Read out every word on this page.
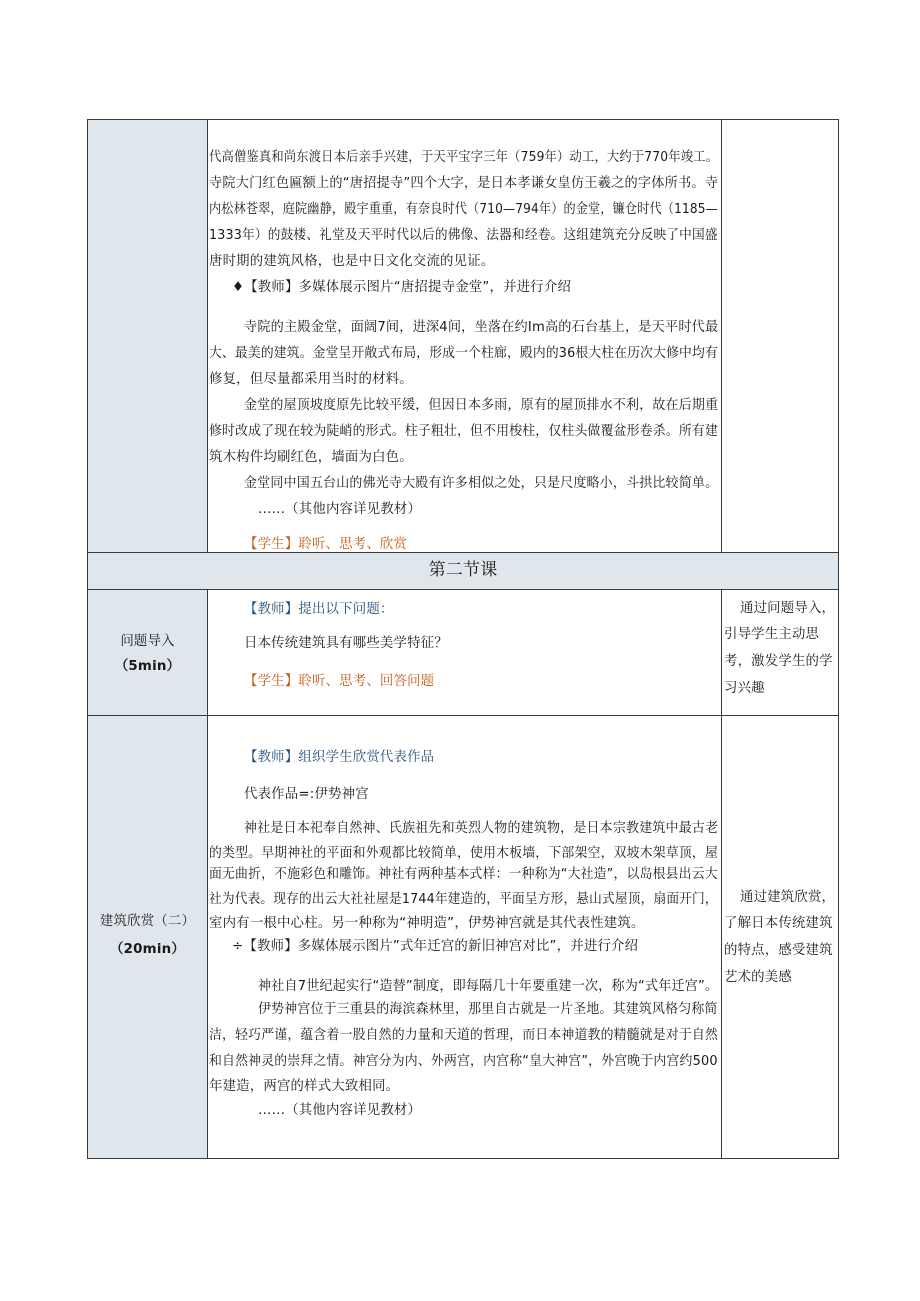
代高僧鉴真和尚东渡日本后亲手兴建，于天平宝字三年（759年）动工，大约于770年竣工。
寺院大门红色匾额上的“唐招提寺”四个大字，是日本孝谦女皇仿王羲之的字体所书。寺
内松林苍翠，庭院幽静，殿宇重重，有奈良时代（710—794年）的金堂，镰仓时代（1185—
1333年）的鼓楼、礼堂及天平时代以后的佛像、法器和经卷。这组建筑充分反映了中国盛
唐时期的建筑风格，也是中日文化交流的见证。
♦【教师】多媒体展示图片“唐招提寺金堂”，并进行介绍
寺院的主殿金堂，面阔7间，进深4间，坐落在约Im高的石台基上，是天平时代最
大、最美的建筑。金堂呈开敞式布局，形成一个柱廊，殿内的36根大柱在历次大修中均有
修复，但尽量都采用当时的材料。
金堂的屋顶坡度原先比较平缓，但因日本多雨，原有的屋顶排水不利，故在后期重
修时改成了现在较为陡峭的形式。柱子粗壮，但不用梭柱，仅柱头做覆盆形卷杀。所有建
筑木构件均刷红色，墙面为白色。
金堂同中国五台山的佛光寺大殿有许多相似之处，只是尺度略小，斗拱比较简单。
……（其他内容详见教材）
【学生】聆听、思考、欣赏
第二节课
问题导入
（5min）
【教师】提出以下问题：
日本传统建筑具有哪些美学特征？
【学生】聆听、思考、回答问题
通过问题导入，
引导学生主动思
考，激发学生的学
习兴趣
建筑欣赏（二）
（20min）
【教师】组织学生欣赏代表作品
代表作品=:伊势神宫
神社是日本祀奉自然神、氏族祖先和英烈人物的建筑物，是日本宗教建筑中最古老
的类型。早期神社的平面和外观都比较简单，使用木板墙，下部架空，双坡木架草顶，屋
面无曲折，不施彩色和雕饰。神社有两种基本式样：一种称为“大社造”，以岛根县出云大
社为代表。现存的出云大社社屋是1744年建造的，平面呈方形，悬山式屋顶，扇面开门，
室内有一根中心柱。另一种称为“神明造”，伊势神宫就是其代表性建筑。
÷【教师】多媒体展示图片”式年迁宫的新旧神宫对比”，并进行介绍
神社自7世纪起实行“造替”制度，即每隔几十年要重建一次，称为“式年迁宫”。
伊势神宫位于三重县的海滨森林里，那里自古就是一片圣地。其建筑风格匀称简
洁，轻巧严谨，蕴含着一股自然的力量和天道的哲理，而日本神道教的精髓就是对于自然
和自然神灵的崇拜之情。神宫分为内、外两宫，内宫称“皇大神宫”，外宫晚于内宫约500
年建造，两宫的样式大致相同。
……（其他内容详见教材）
通过建筑欣赏，
了解日本传统建筑
的特点，感受建筑
艺术的美感
